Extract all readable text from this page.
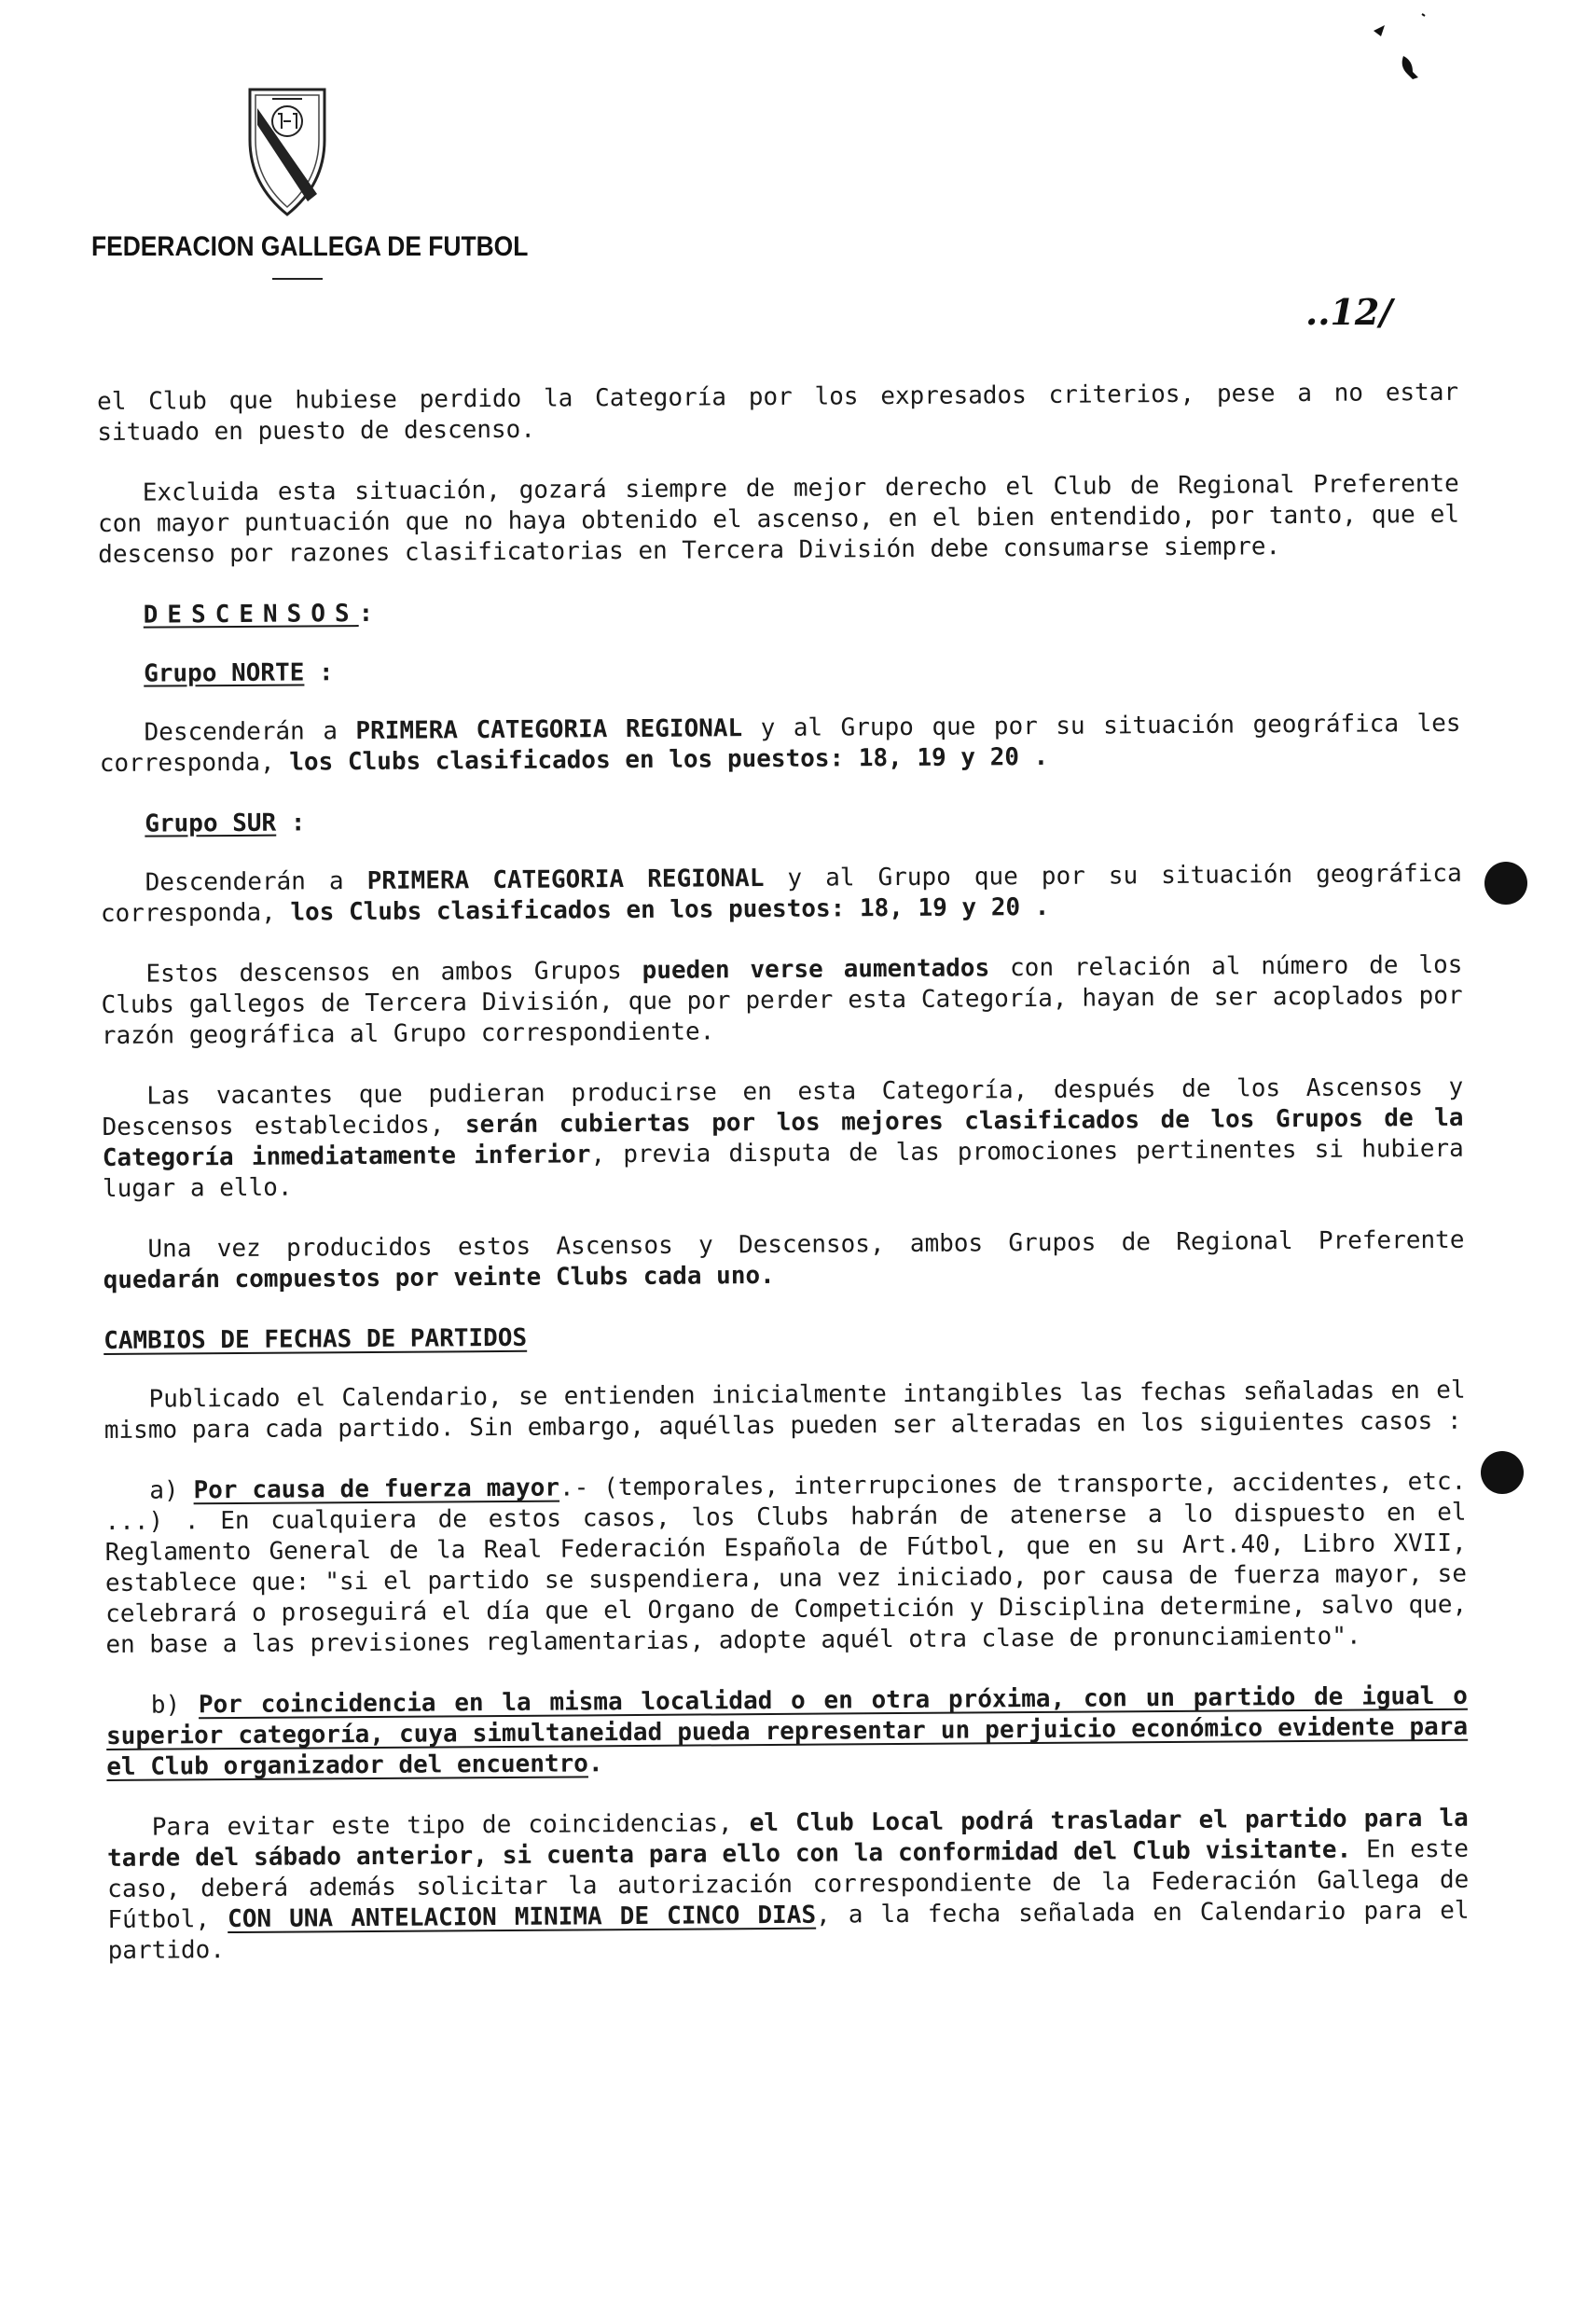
FEDERACION GALLEGA DE FUTBOL
..12/

el Club que hubiese perdido la Categoría por los expresados criterios, pese a no estar situado en puesto de descenso.

Excluida esta situación, gozará siempre de mejor derecho el Club de Regional Preferente con mayor puntuación que no haya obtenido el ascenso, en el bien entendido, por tanto, que el descenso por razones clasificatorias en Tercera División debe consumarse siempre.

DESCENSOS:
Grupo NORTE :

Descenderán a PRIMERA CATEGORIA REGIONAL y al Grupo que por su situación geográfica les corresponda, los Clubs clasificados en los puestos: 18, 19 y 20 .

Grupo SUR :

Descenderán a PRIMERA CATEGORIA REGIONAL y al Grupo que por su situación geográfica corresponda, los Clubs clasificados en los puestos: 18, 19 y 20 .

Estos descensos en ambos Grupos pueden verse aumentados con relación al número de los Clubs gallegos de Tercera División, que por perder esta Categoría, hayan de ser acoplados por razón geográfica al Grupo correspondiente.

Las vacantes que pudieran producirse en esta Categoría, después de los Ascensos y Descensos establecidos, serán cubiertas por los mejores clasificados de los Grupos de la Categoría inmediatamente inferior, previa disputa de las promociones pertinentes si hubiera lugar a ello.

Una vez producidos estos Ascensos y Descensos, ambos Grupos de Regional Preferente quedarán compuestos por veinte Clubs cada uno.

CAMBIOS DE FECHAS DE PARTIDOS

Publicado el Calendario, se entienden inicialmente intangibles las fechas señaladas en el mismo para cada partido. Sin embargo, aquéllas pueden ser alteradas en los siguientes casos :

a) Por causa de fuerza mayor.- (temporales, interrupciones de transporte, accidentes, etc. ...) . En cualquiera de estos casos, los Clubs habrán de atenerse a lo dispuesto en el Reglamento General de la Real Federación Española de Fútbol, que en su Art.40, Libro XVII, establece que: "si el partido se suspendiera, una vez iniciado, por causa de fuerza mayor, se celebrará o proseguirá el día que el Organo de Competición y Disciplina determine, salvo que, en base a las previsiones reglamentarias, adopte aquél otra clase de pronunciamiento".

b) Por coincidencia en la misma localidad o en otra próxima, con un partido de igual o superior categoría, cuya simultaneidad pueda representar un perjuicio económico evidente para el Club organizador del encuentro.

Para evitar este tipo de coincidencias, el Club Local podrá trasladar el partido para la tarde del sábado anterior, si cuenta para ello con la conformidad del Club visitante. En este caso, deberá además solicitar la autorización correspondiente de la Federación Gallega de Fútbol, CON UNA ANTELACION MINIMA DE CINCO DIAS, a la fecha señalada en Calendario para el partido.
